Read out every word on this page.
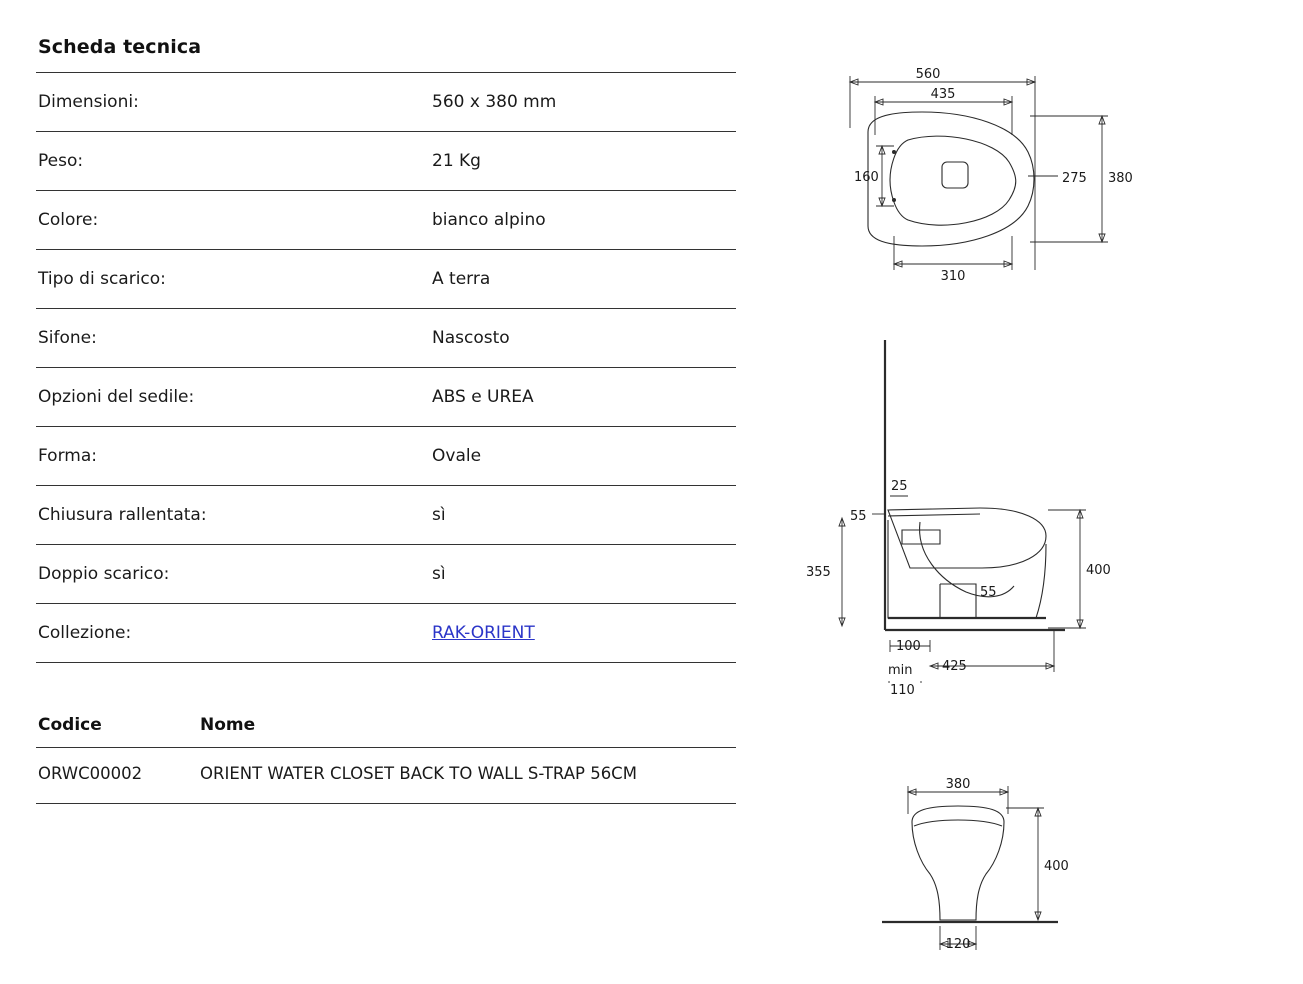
Scheda tecnica
Dimensioni:	560 x 380 mm
Peso:	21 Kg
Colore:	bianco alpino
Tipo di scarico:	A terra
Sifone:	Nascosto
Opzioni del sedile:	ABS e UREA
Forma:	Ovale
Chiusura rallentata:	sì
Doppio scarico:	sì
Collezione:	RAK-ORIENT
Codice	Nome
ORWC00002	ORIENT WATER CLOSET BACK TO WALL S-TRAP 56CM
560
435
160	275 380
310
25
55
355
55
400
100
425
min
110
380
400
120
